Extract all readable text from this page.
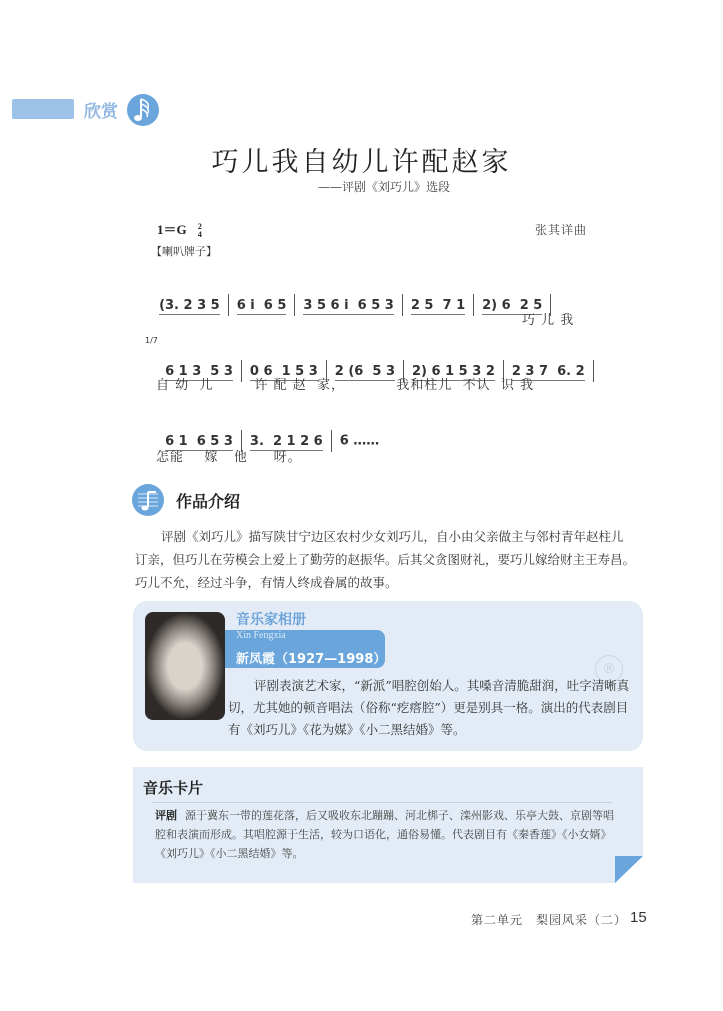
欣赏
巧儿我自幼儿许配赵家
——评剧《刘巧儿》选段
1＝G 2
4	张其详曲
【喇叭牌子】

(3. 2 3 5 6 i  6 5 3 5 6 i  6 5 3 2 5  7 1 2) 6  2 5

巧 儿 我
1/7

6 1 3  5 3 0 6  1 5 3 2 (6  5 3 2) 6 1 5 3 2 2 3 7  6. 2

自 幼  儿        许 配 赵  家，          我和柱儿  不认  识 我

6 1  6 5 3 3.  2 1 2 6 6 ……

怎能    嫁   他     呀。
作品介绍
评剧《刘巧儿》描写陕甘宁边区农村少女刘巧儿，自小由父亲做主与邻村青年赵柱儿订亲，但巧儿在劳模会上爱上了勤劳的赵振华。后其父贪图财礼，要巧儿嫁给财主王寿昌。巧儿不允，经过斗争，有情人终成眷属的故事。
音乐家相册
Xin Fengxia
新凤霞（1927—1998）
®
评剧表演艺术家，“新派”唱腔创始人。其嗓音清脆甜润，吐字清晰真切，尤其她的顿音唱法（俗称“疙瘩腔”）更是别具一格。演出的代表剧目有《刘巧儿》《花为媒》《小二黑结婚》等。
音乐卡片
评剧 源于冀东一带的莲花落，后又吸收东北蹦蹦、河北梆子、滦州影戏、乐亭大鼓、京剧等唱腔和表演而形成。其唱腔源于生活，较为口语化，通俗易懂。代表剧目有《秦香莲》《小女婿》《刘巧儿》《小二黑结婚》等。
第二单元　梨园风采（二） 15
